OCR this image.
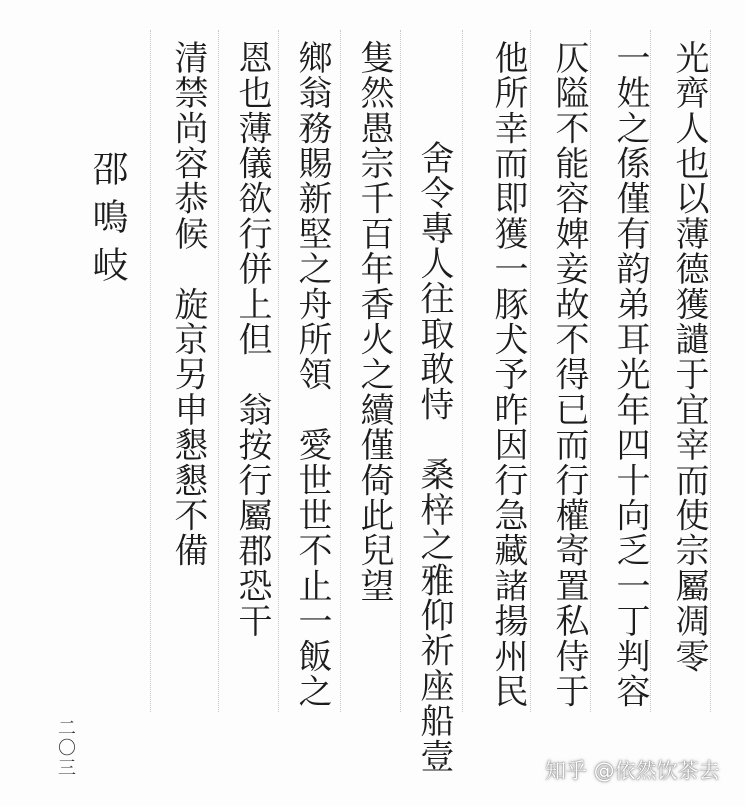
光齊人也以薄德獲譴于宜宰而使宗屬凋零
一姓之係僅有韵弟耳光年四十向乏一丁判容
仄隘不能容婢妾故不得已而行權寄置私侍于
他所幸而即獲一豚犬予昨因行急藏諸揚州民
舍令專人往取敢恃　桑梓之雅仰祈座船壹
隻然愚宗千百年香火之續僅倚此兒望
鄉翁務賜新堅之舟所領　愛世世不止一飯之
恩也薄儀欲行併上但　翁按行屬郡恐干
清禁尚容恭候　旋京另申懇懇不備
邵鳴岐
二〇三	知乎 @依然饮茶去
